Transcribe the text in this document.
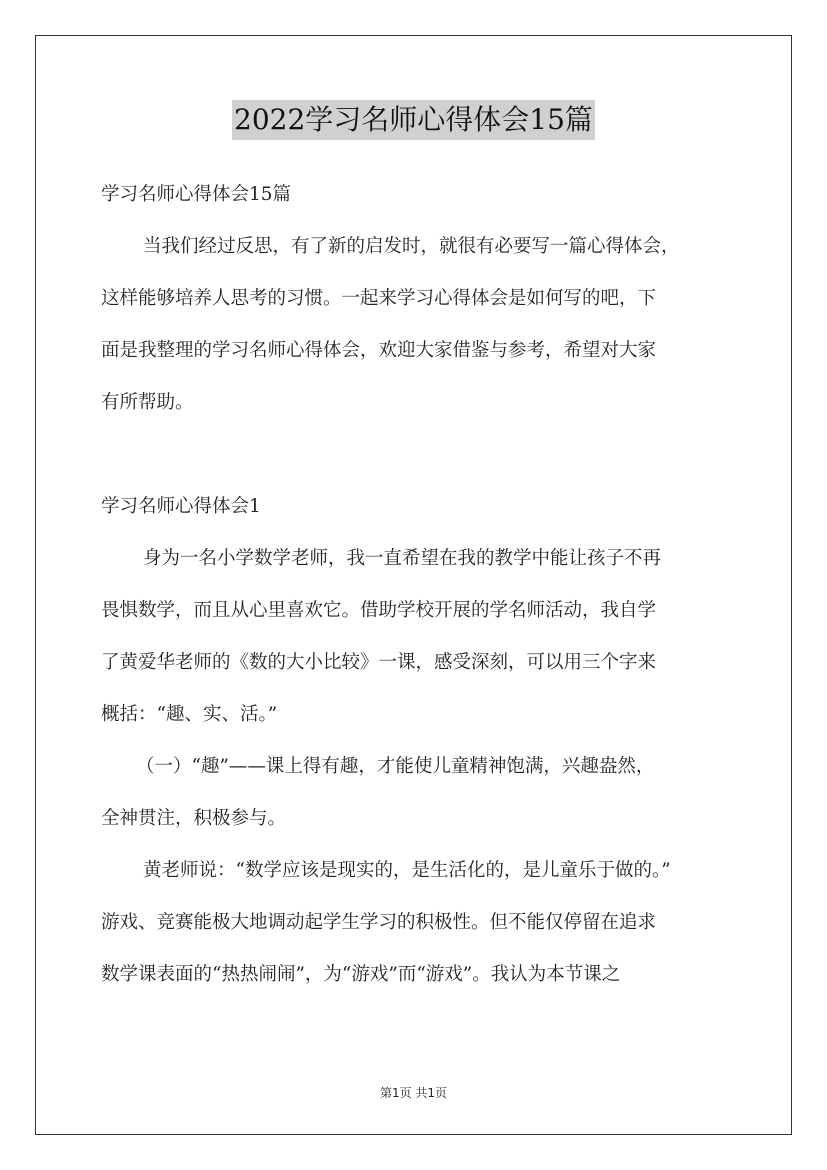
2022学习名师心得体会15篇
学习名师心得体会15篇
当我们经过反思，有了新的启发时，就很有必要写一篇心得体会，
这样能够培养人思考的习惯。一起来学习心得体会是如何写的吧，下
面是我整理的学习名师心得体会，欢迎大家借鉴与参考，希望对大家
有所帮助。
学习名师心得体会1
身为一名小学数学老师，我一直希望在我的教学中能让孩子不再
畏惧数学，而且从心里喜欢它。借助学校开展的学名师活动，我自学
了黄爱华老师的《数的大小比较》一课，感受深刻，可以用三个字来
概括：“趣、实、活。”
（一）“趣”——课上得有趣，才能使儿童精神饱满，兴趣盎然，
全神贯注，积极参与。
黄老师说：“数学应该是现实的，是生活化的，是儿童乐于做的。”
游戏、竞赛能极大地调动起学生学习的积极性。但不能仅停留在追求
数学课表面的“热热闹闹”，为“游戏”而“游戏”。我认为本节课之
第1页 共1页
